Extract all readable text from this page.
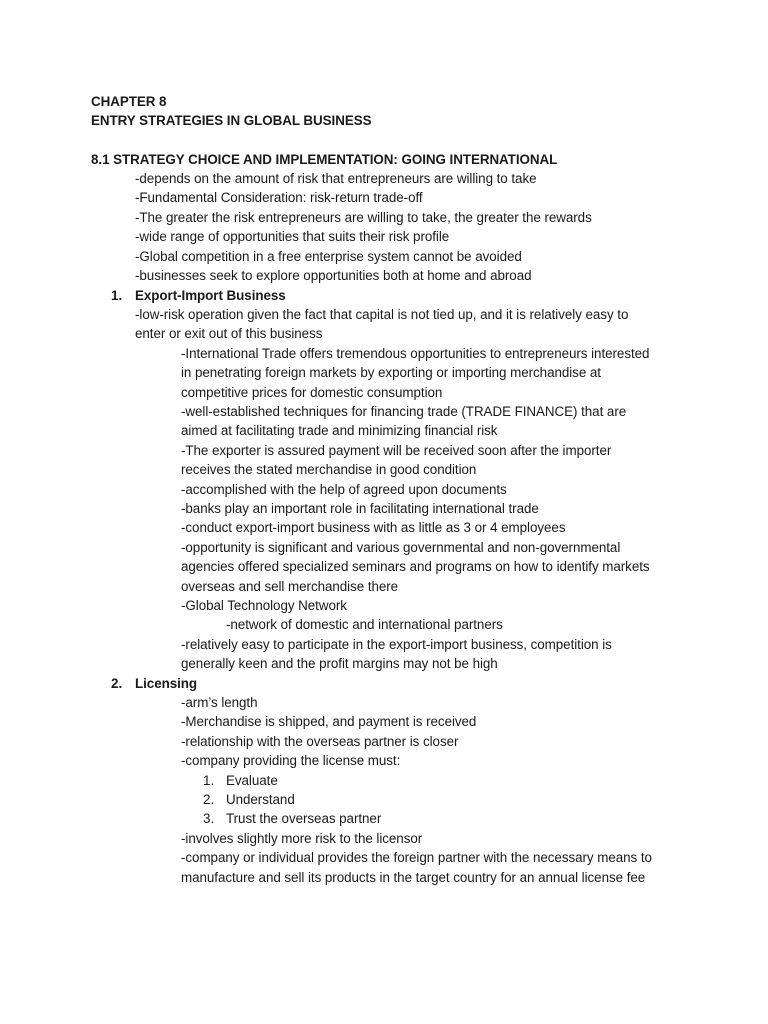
CHAPTER 8
ENTRY STRATEGIES IN GLOBAL BUSINESS
8.1 STRATEGY CHOICE AND IMPLEMENTATION: GOING INTERNATIONAL
-depends on the amount of risk that entrepreneurs are willing to take
-Fundamental Consideration: risk-return trade-off
-The greater the risk entrepreneurs are willing to take, the greater the rewards
-wide range of opportunities that suits their risk profile
-Global competition in a free enterprise system cannot be avoided
-businesses seek to explore opportunities both at home and abroad
1. Export-Import Business
-low-risk operation given the fact that capital is not tied up, and it is relatively easy to
enter or exit out of this business
-International Trade offers tremendous opportunities to entrepreneurs interested
in penetrating foreign markets by exporting or importing merchandise at
competitive prices for domestic consumption
-well-established techniques for financing trade (TRADE FINANCE) that are
aimed at facilitating trade and minimizing financial risk
-The exporter is assured payment will be received soon after the importer
receives the stated merchandise in good condition
-accomplished with the help of agreed upon documents
-banks play an important role in facilitating international trade
-conduct export-import business with as little as 3 or 4 employees
-opportunity is significant and various governmental and non-governmental
agencies offered specialized seminars and programs on how to identify markets
overseas and sell merchandise there
-Global Technology Network
-network of domestic and international partners
-relatively easy to participate in the export-import business, competition is
generally keen and the profit margins may not be high
2. Licensing
-arm’s length
-Merchandise is shipped, and payment is received
-relationship with the overseas partner is closer
-company providing the license must:
1. Evaluate
2. Understand
3. Trust the overseas partner
-involves slightly more risk to the licensor
-company or individual provides the foreign partner with the necessary means to
manufacture and sell its products in the target country for an annual license fee
